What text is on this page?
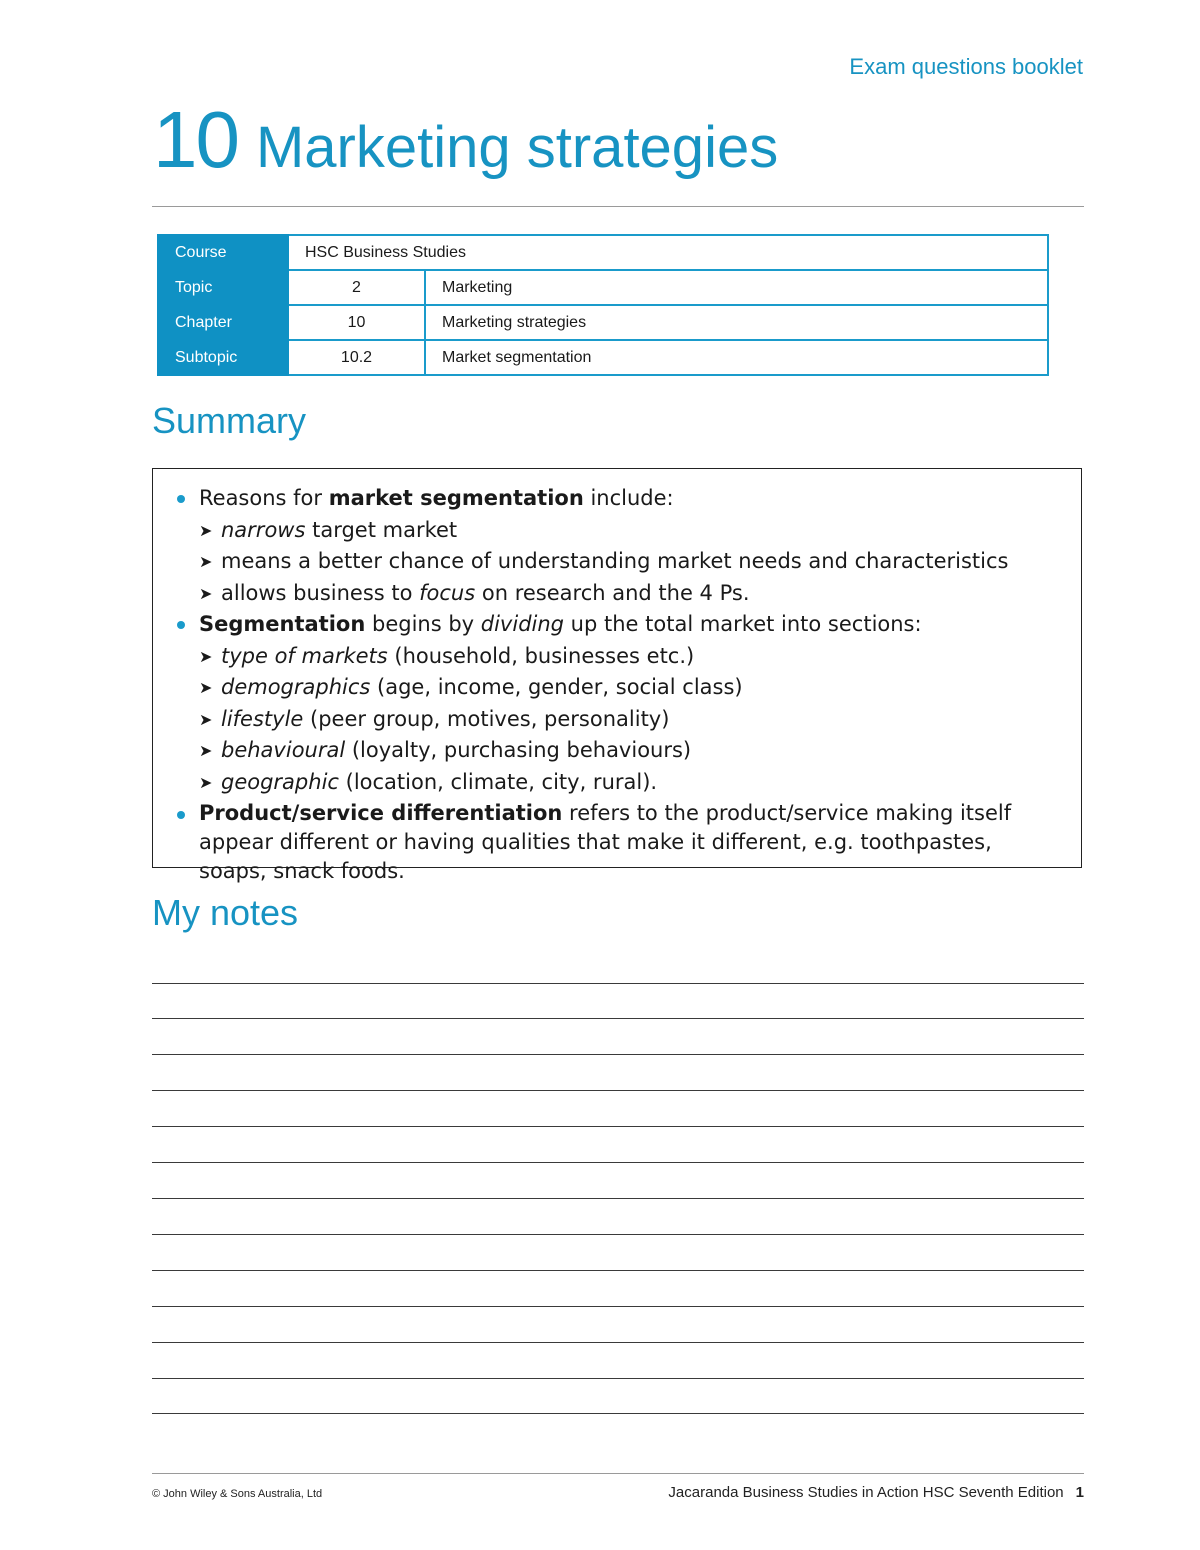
Exam questions booklet
10 Marketing strategies
Course	HSC Business Studies	
Topic	2	Marketing
Chapter	10	Marketing strategies
Subtopic	10.2	Market segmentation
Summary
Reasons for market segmentation include:
➤ narrows target market
➤ means a better chance of understanding market needs and characteristics
➤ allows business to focus on research and the 4 Ps.
Segmentation begins by dividing up the total market into sections:
➤ type of markets (household, businesses etc.)
➤ demographics (age, income, gender, social class)
➤ lifestyle (peer group, motives, personality)
➤ behavioural (loyalty, purchasing behaviours)
➤ geographic (location, climate, city, rural).
Product/service differentiation refers to the product/service making itself appear different or having qualities that make it different, e.g. toothpastes, soaps, snack foods.
My notes
© John Wiley & Sons Australia, Ltd	Jacaranda Business Studies in Action HSC Seventh Edition 1
